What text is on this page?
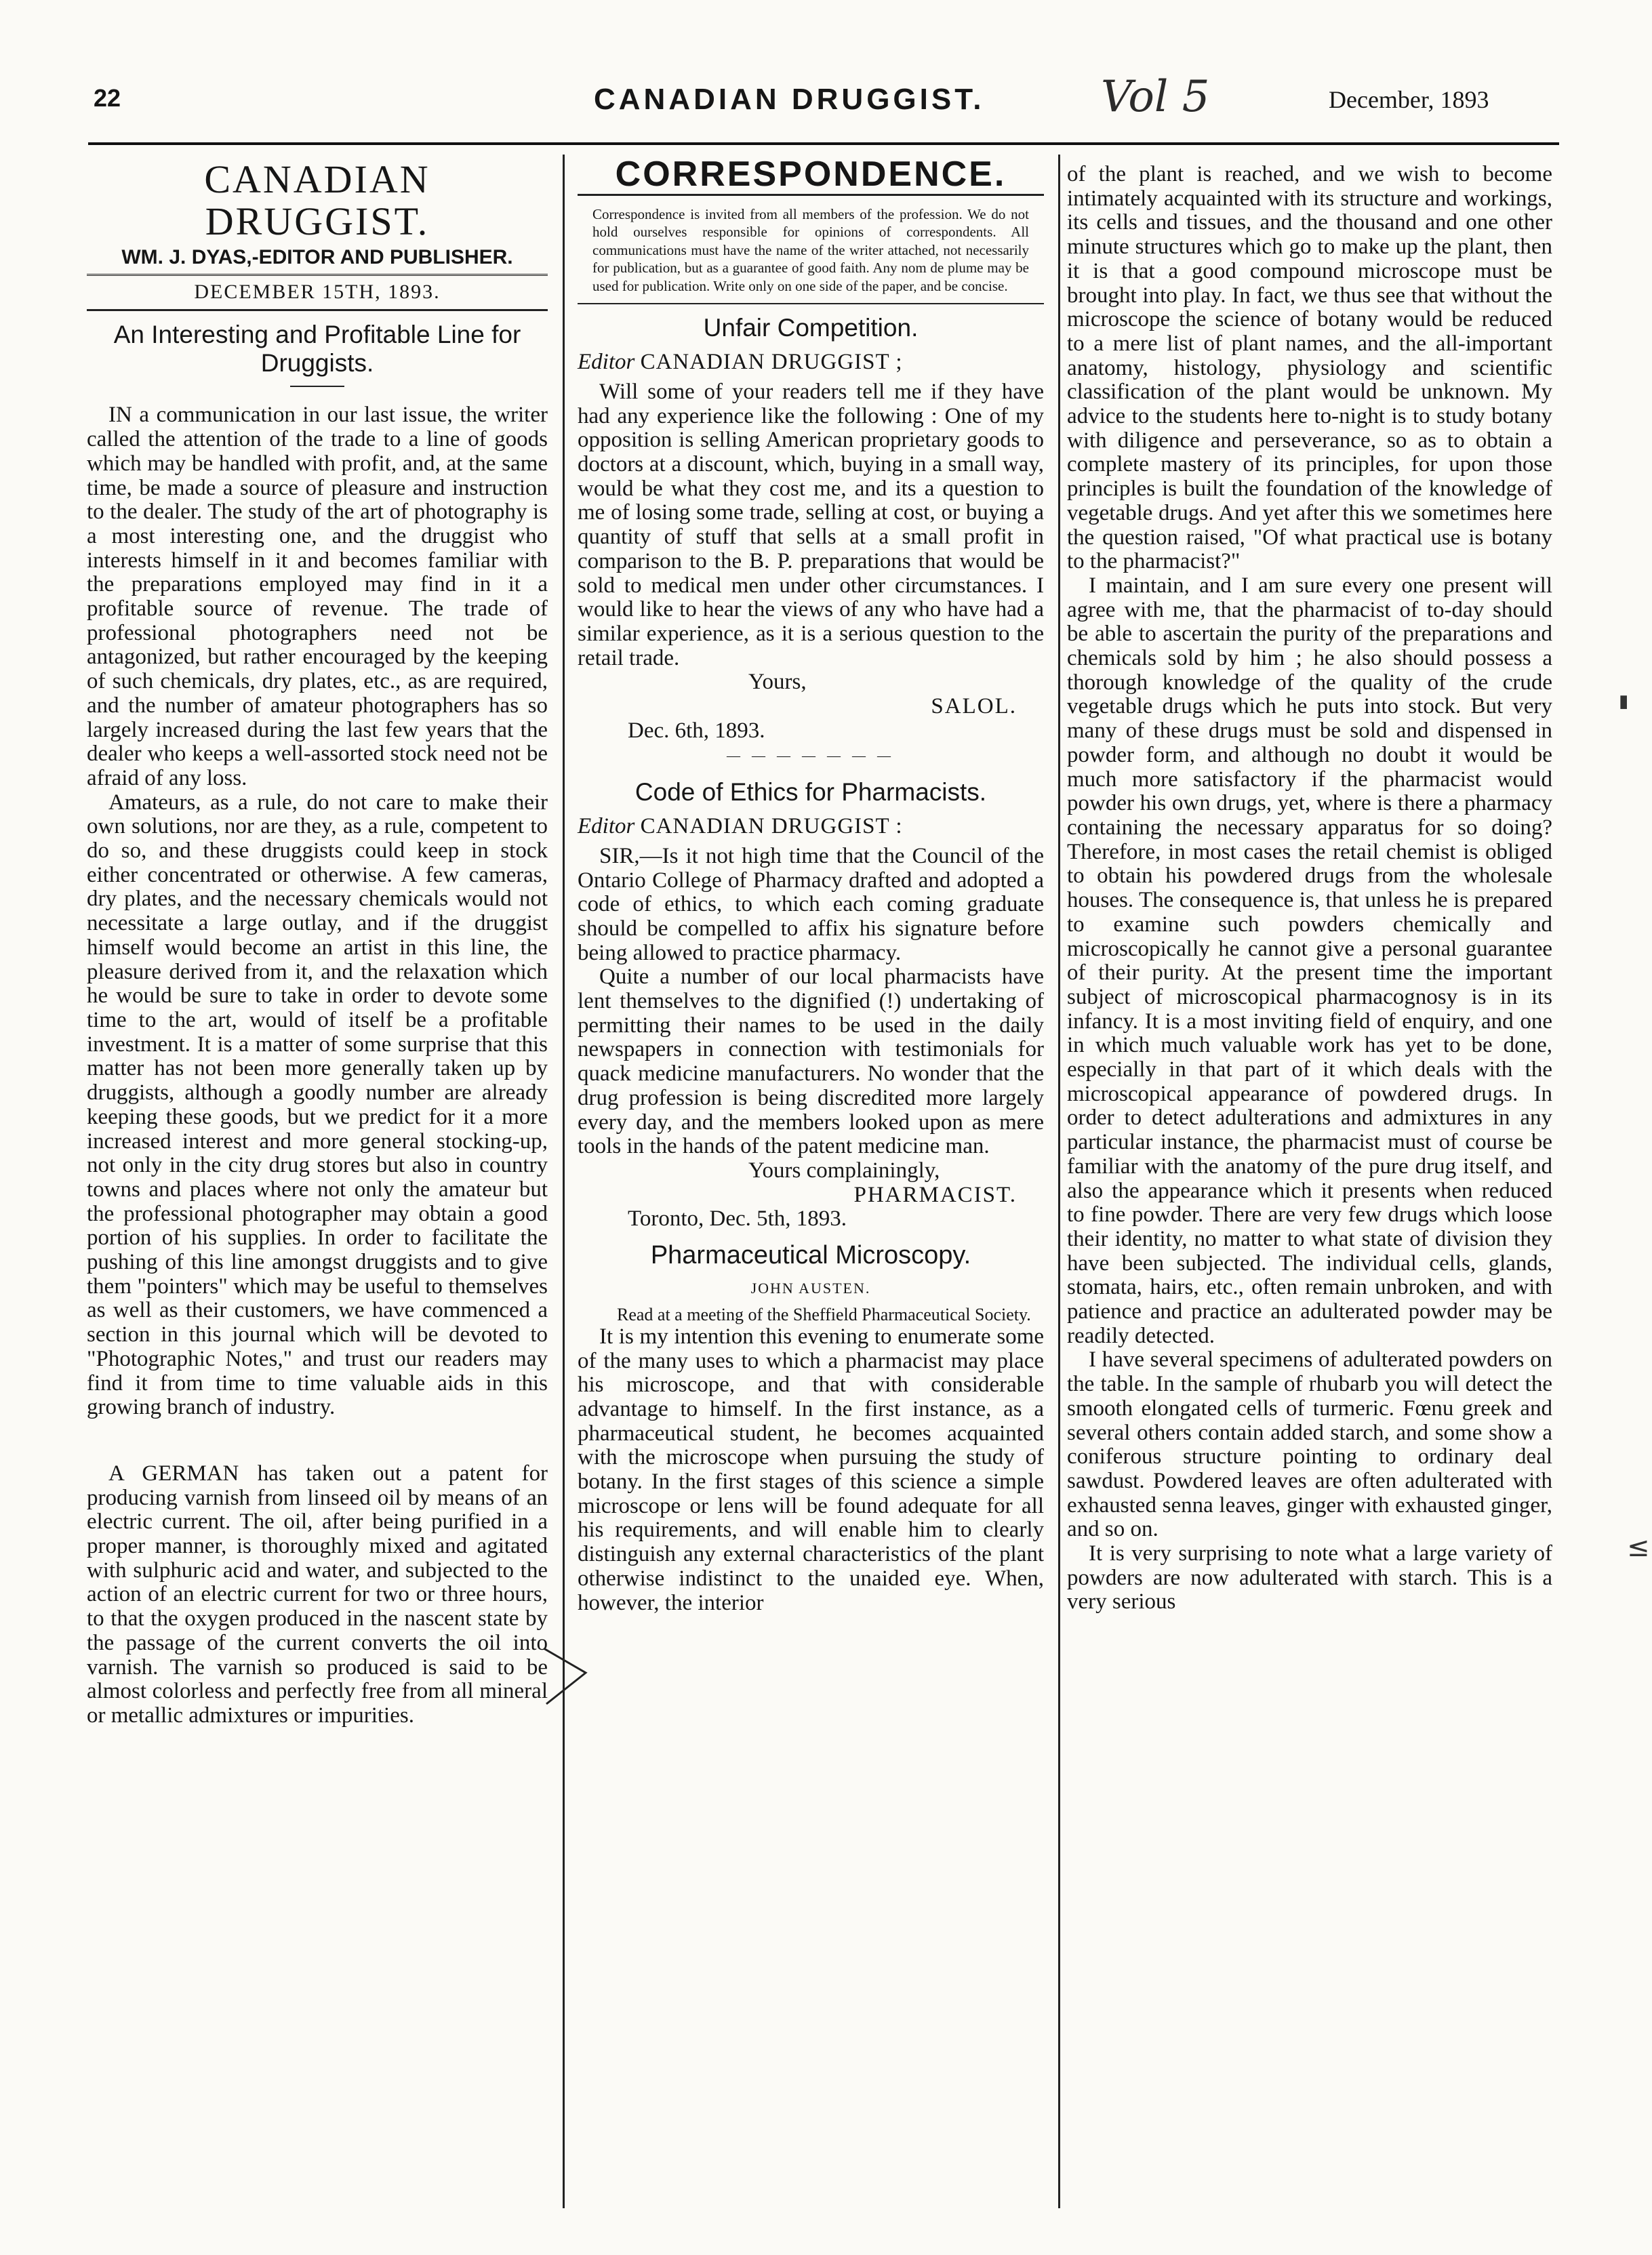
22	CANADIAN DRUGGIST.	Vol 5	December, 1893
CANADIAN DRUGGIST.
WM. J. DYAS,-EDITOR AND PUBLISHER.
DECEMBER 15TH, 1893.
An Interesting and Profitable Line for Druggists.

IN a communication in our last issue, the writer called the attention of the trade to a line of goods which may be handled with profit, and, at the same time, be made a source of pleasure and instruction to the dealer. The study of the art of photography is a most interesting one, and the druggist who interests himself in it and becomes familiar with the preparations employed may find in it a profitable source of revenue. The trade of professional photographers need not be antagonized, but rather encouraged by the keeping of such chemicals, dry plates, etc., as are required, and the number of amateur photographers has so largely increased during the last few years that the dealer who keeps a well-assorted stock need not be afraid of any loss.

Amateurs, as a rule, do not care to make their own solutions, nor are they, as a rule, competent to do so, and these druggists could keep in stock either concentrated or otherwise. A few cameras, dry plates, and the necessary chemicals would not necessitate a large outlay, and if the druggist himself would become an artist in this line, the pleasure derived from it, and the relaxation which he would be sure to take in order to devote some time to the art, would of itself be a profitable investment. It is a matter of some surprise that this matter has not been more generally taken up by druggists, although a goodly number are already keeping these goods, but we predict for it a more increased interest and more general stocking-up, not only in the city drug stores but also in country towns and places where not only the amateur but the professional photographer may obtain a good portion of his supplies. In order to facilitate the pushing of this line amongst druggists and to give them "pointers" which may be useful to themselves as well as their customers, we have commenced a section in this journal which will be devoted to "Photographic Notes," and trust our readers may find it from time to time valuable aids in this growing branch of industry.

A GERMAN has taken out a patent for producing varnish from linseed oil by means of an electric current. The oil, after being purified in a proper manner, is thoroughly mixed and agitated with sulphuric acid and water, and subjected to the action of an electric current for two or three hours, to that the oxygen produced in the nascent state by the passage of the current converts the oil into varnish. The varnish so produced is said to be almost colorless and perfectly free from all mineral or metallic admixtures or impurities.

CORRESPONDENCE.
Correspondence is invited from all members of the profession. We do not hold ourselves responsible for opinions of correspondents. All communications must have the name of the writer attached, not necessarily for publication, but as a guarantee of good faith. Any nom de plume may be used for publication. Write only on one side of the paper, and be concise.
Unfair Competition.
Editor CANADIAN DRUGGIST ;

Will some of your readers tell me if they have had any experience like the following : One of my opposition is selling American proprietary goods to doctors at a discount, which, buying in a small way, would be what they cost me, and its a question to me of losing some trade, selling at cost, or buying a quantity of stuff that sells at a small profit in comparison to the B. P. preparations that would be sold to medical men under other circumstances. I would like to hear the views of any who have had a similar experience, as it is a serious question to the retail trade.

Yours,

SALOL.

Dec. 6th, 1893.

— — — — — — —
Code of Ethics for Pharmacists.
Editor CANADIAN DRUGGIST :

SIR,—Is it not high time that the Council of the Ontario College of Pharmacy drafted and adopted a code of ethics, to which each coming graduate should be compelled to affix his signature before being allowed to practice pharmacy.

Quite a number of our local pharmacists have lent themselves to the dignified (!) undertaking of permitting their names to be used in the daily newspapers in connection with testimonials for quack medicine manufacturers. No wonder that the drug profession is being discredited more largely every day, and the members looked upon as mere tools in the hands of the patent medicine man.

Yours complainingly,

PHARMACIST.

Toronto, Dec. 5th, 1893.

Pharmaceutical Microscopy.
JOHN AUSTEN.

Read at a meeting of the Sheffield Pharmaceutical Society.

It is my intention this evening to enumerate some of the many uses to which a pharmacist may place his microscope, and that with considerable advantage to himself. In the first instance, as a pharmaceutical student, he becomes acquainted with the microscope when pursuing the study of botany. In the first stages of this science a simple microscope or lens will be found adequate for all his requirements, and will enable him to clearly distinguish any external characteristics of the plant otherwise indistinct to the unaided eye. When, however, the interior

of the plant is reached, and we wish to become intimately acquainted with its structure and workings, its cells and tissues, and the thousand and one other minute structures which go to make up the plant, then it is that a good compound microscope must be brought into play. In fact, we thus see that without the microscope the science of botany would be reduced to a mere list of plant names, and the all-important anatomy, histology, physiology and scientific classification of the plant would be unknown. My advice to the students here to-night is to study botany with diligence and perseverance, so as to obtain a complete mastery of its principles, for upon those principles is built the foundation of the knowledge of vegetable drugs. And yet after this we sometimes here the question raised, "Of what practical use is botany to the pharmacist?"

I maintain, and I am sure every one present will agree with me, that the pharmacist of to-day should be able to ascertain the purity of the preparations and chemicals sold by him ; he also should possess a thorough knowledge of the quality of the crude vegetable drugs which he puts into stock. But very many of these drugs must be sold and dispensed in powder form, and although no doubt it would be much more satisfactory if the pharmacist would powder his own drugs, yet, where is there a pharmacy containing the necessary apparatus for so doing? Therefore, in most cases the retail chemist is obliged to obtain his powdered drugs from the wholesale houses. The consequence is, that unless he is prepared to examine such powders chemically and microscopically he cannot give a personal guarantee of their purity. At the present time the important subject of microscopical pharmacognosy is in its infancy. It is a most inviting field of enquiry, and one in which much valuable work has yet to be done, especially in that part of it which deals with the microscopical appearance of powdered drugs. In order to detect adulterations and admixtures in any particular instance, the pharmacist must of course be familiar with the anatomy of the pure drug itself, and also the appearance which it presents when reduced to fine powder. There are very few drugs which loose their identity, no matter to what state of division they have been subjected. The individual cells, glands, stomata, hairs, etc., often remain unbroken, and with patience and practice an adulterated powder may be readily detected.

I have several specimens of adulterated powders on the table. In the sample of rhubarb you will detect the smooth elongated cells of turmeric. Fœnu greek and several others contain added starch, and some show a coniferous structure pointing to ordinary deal sawdust. Powdered leaves are often adulterated with exhausted senna leaves, ginger with exhausted ginger, and so on.

It is very surprising to note what a large variety of powders are now adulterated with starch. This is a very serious

≤
▮
